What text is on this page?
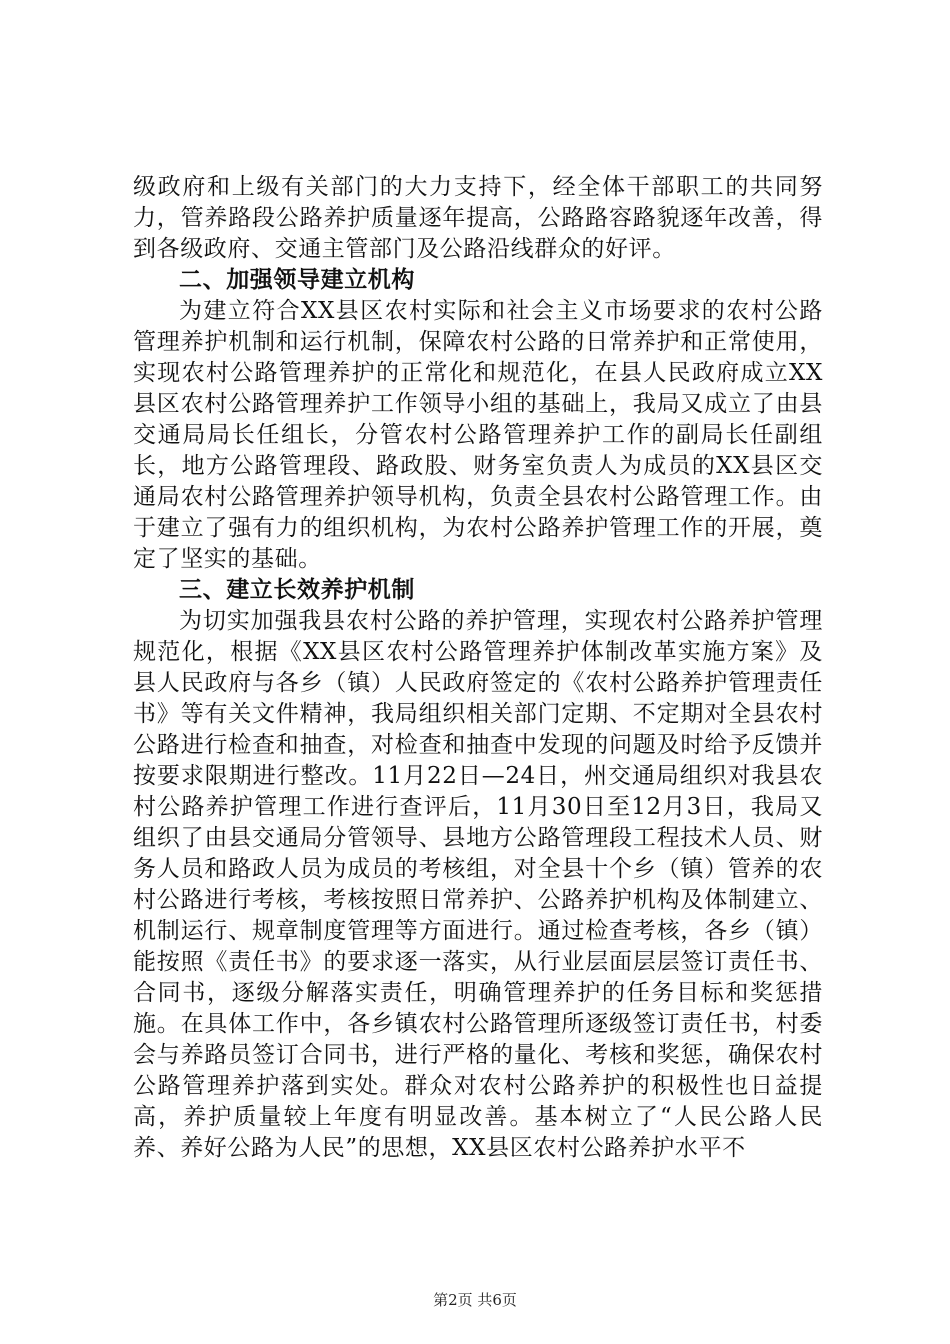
级政府和上级有关部门的大力支持下，经全体干部职工的共同努力，管养路段公路养护质量逐年提高，公路路容路貌逐年改善，得到各级政府、交通主管部门及公路沿线群众的好评。

二、加强领导建立机构

为建立符合XX县区农村实际和社会主义市场要求的农村公路管理养护机制和运行机制，保障农村公路的日常养护和正常使用，实现农村公路管理养护的正常化和规范化，在县人民政府成立XX县区农村公路管理养护工作领导小组的基础上，我局又成立了由县交通局局长任组长，分管农村公路管理养护工作的副局长任副组长，地方公路管理段、路政股、财务室负责人为成员的XX县区交通局农村公路管理养护领导机构，负责全县农村公路管理工作。由于建立了强有力的组织机构，为农村公路养护管理工作的开展，奠定了坚实的基础。

三、建立长效养护机制

为切实加强我县农村公路的养护管理，实现农村公路养护管理规范化，根据《XX县区农村公路管理养护体制改革实施方案》及县人民政府与各乡（镇）人民政府签定的《农村公路养护管理责任书》等有关文件精神，我局组织相关部门定期、不定期对全县农村公路进行检查和抽查，对检查和抽查中发现的问题及时给予反馈并按要求限期进行整改。11月22日—24日，州交通局组织对我县农村公路养护管理工作进行查评后，11月30日至12月3日，我局又组织了由县交通局分管领导、县地方公路管理段工程技术人员、财务人员和路政人员为成员的考核组，对全县十个乡（镇）管养的农村公路进行考核，考核按照日常养护、公路养护机构及体制建立、机制运行、规章制度管理等方面进行。通过检查考核，各乡（镇）能按照《责任书》的要求逐一落实，从行业层面层层签订责任书、合同书，逐级分解落实责任，明确管理养护的任务目标和奖惩措施。在具体工作中，各乡镇农村公路管理所逐级签订责任书，村委会与养路员签订合同书，进行严格的量化、考核和奖惩，确保农村公路管理养护落到实处。群众对农村公路养护的积极性也日益提高，养护质量较上年度有明显改善。基本树立了“人民公路人民养、养好公路为人民”的思想，XX县区农村公路养护水平不

第2页 共6页
